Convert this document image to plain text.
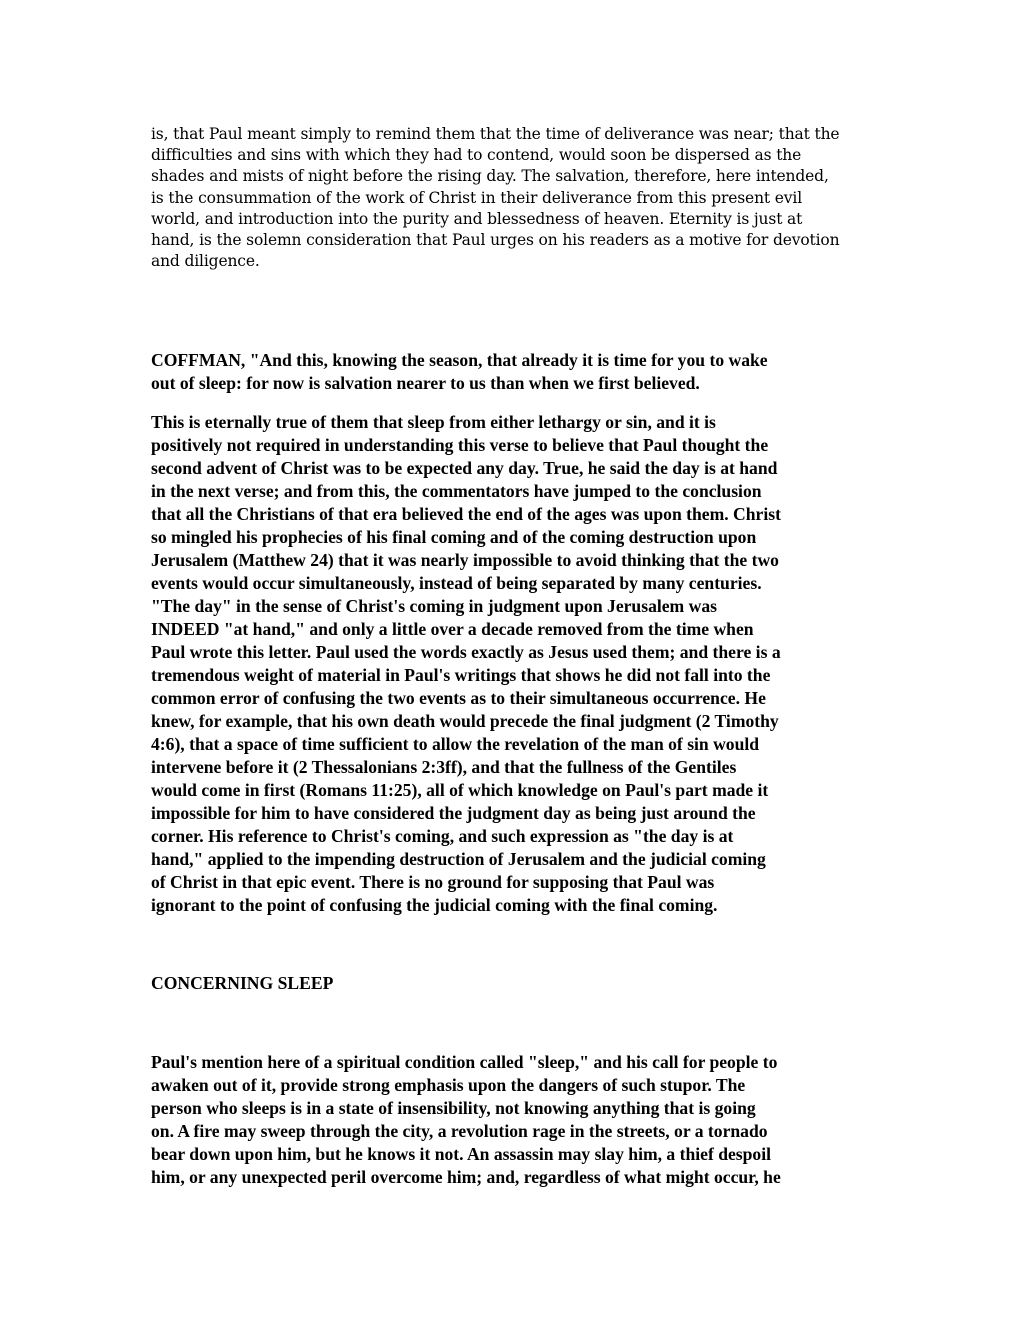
is, that Paul meant simply to remind them that the time of deliverance was near; that the
difficulties and sins with which they had to contend, would soon be dispersed as the
shades and mists of night before the rising day. The salvation, therefore, here intended,
is the consummation of the work of Christ in their deliverance from this present evil
world, and introduction into the purity and blessedness of heaven. Eternity is just at
hand, is the solemn consideration that Paul urges on his readers as a motive for devotion
and diligence.
COFFMAN, "And this, knowing the season, that already it is time for you to wake
out of sleep: for now is salvation nearer to us than when we first believed.
This is eternally true of them that sleep from either lethargy or sin, and it is
positively not required in understanding this verse to believe that Paul thought the
second advent of Christ was to be expected any day. True, he said the day is at hand
in the next verse; and from this, the commentators have jumped to the conclusion
that all the Christians of that era believed the end of the ages was upon them. Christ
so mingled his prophecies of his final coming and of the coming destruction upon
Jerusalem (Matthew 24) that it was nearly impossible to avoid thinking that the two
events would occur simultaneously, instead of being separated by many centuries.
"The day" in the sense of Christ's coming in judgment upon Jerusalem was
INDEED "at hand," and only a little over a decade removed from the time when
Paul wrote this letter. Paul used the words exactly as Jesus used them; and there is a
tremendous weight of material in Paul's writings that shows he did not fall into the
common error of confusing the two events as to their simultaneous occurrence. He
knew, for example, that his own death would precede the final judgment (2 Timothy
4:6), that a space of time sufficient to allow the revelation of the man of sin would
intervene before it (2 Thessalonians 2:3ff), and that the fullness of the Gentiles
would come in first (Romans 11:25), all of which knowledge on Paul's part made it
impossible for him to have considered the judgment day as being just around the
corner. His reference to Christ's coming, and such expression as "the day is at
hand," applied to the impending destruction of Jerusalem and the judicial coming
of Christ in that epic event. There is no ground for supposing that Paul was
ignorant to the point of confusing the judicial coming with the final coming.
CONCERNING SLEEP
Paul's mention here of a spiritual condition called "sleep," and his call for people to
awaken out of it, provide strong emphasis upon the dangers of such stupor. The
person who sleeps is in a state of insensibility, not knowing anything that is going
on. A fire may sweep through the city, a revolution rage in the streets, or a tornado
bear down upon him, but he knows it not. An assassin may slay him, a thief despoil
him, or any unexpected peril overcome him; and, regardless of what might occur, he
